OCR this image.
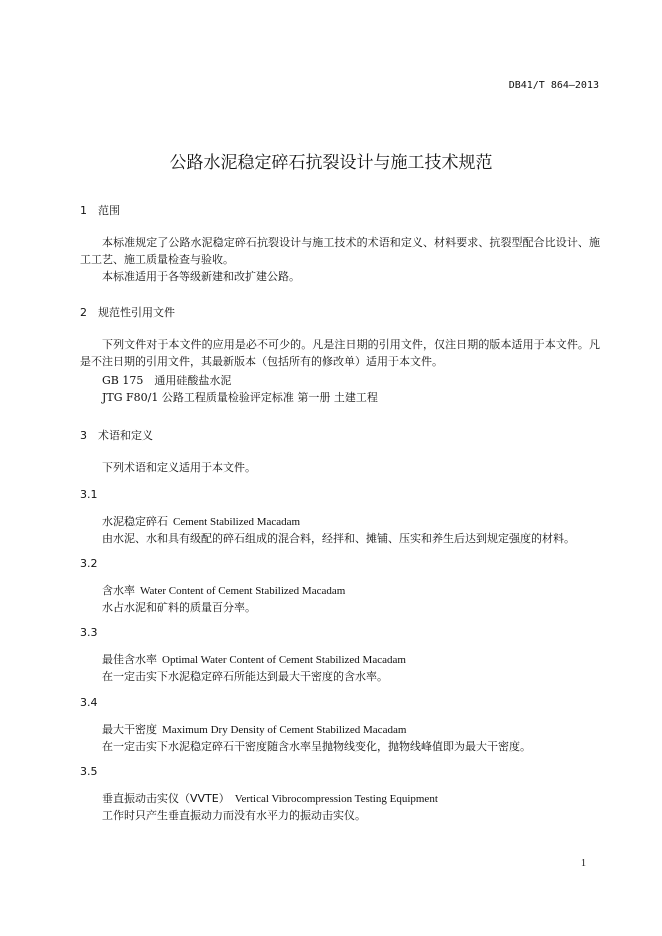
DB41/T 864—2013
公路水泥稳定碎石抗裂设计与施工技术规范
1 范围
本标准规定了公路水泥稳定碎石抗裂设计与施工技术的术语和定义、材料要求、抗裂型配合比设计、施工工艺、施工质量检查与验收。
本标准适用于各等级新建和改扩建公路。
2 规范性引用文件
下列文件对于本文件的应用是必不可少的。凡是注日期的引用文件，仅注日期的版本适用于本文件。凡是不注日期的引用文件，其最新版本（包括所有的修改单）适用于本文件。
GB 175　通用硅酸盐水泥
JTG F80/1 公路工程质量检验评定标准 第一册 土建工程
3 术语和定义
下列术语和定义适用于本文件。
3.1
水泥稳定碎石 Cement Stabilized Macadam
由水泥、水和具有级配的碎石组成的混合料，经拌和、摊铺、压实和养生后达到规定强度的材料。
3.2
含水率 Water Content of Cement Stabilized Macadam
水占水泥和矿料的质量百分率。
3.3
最佳含水率 Optimal Water Content of Cement Stabilized Macadam
在一定击实下水泥稳定碎石所能达到最大干密度的含水率。
3.4
最大干密度 Maximum Dry Density of Cement Stabilized Macadam
在一定击实下水泥稳定碎石干密度随含水率呈抛物线变化，抛物线峰值即为最大干密度。
3.5
垂直振动击实仪（VVTE） Vertical Vibrocompression Testing Equipment
工作时只产生垂直振动力而没有水平力的振动击实仪。
1
